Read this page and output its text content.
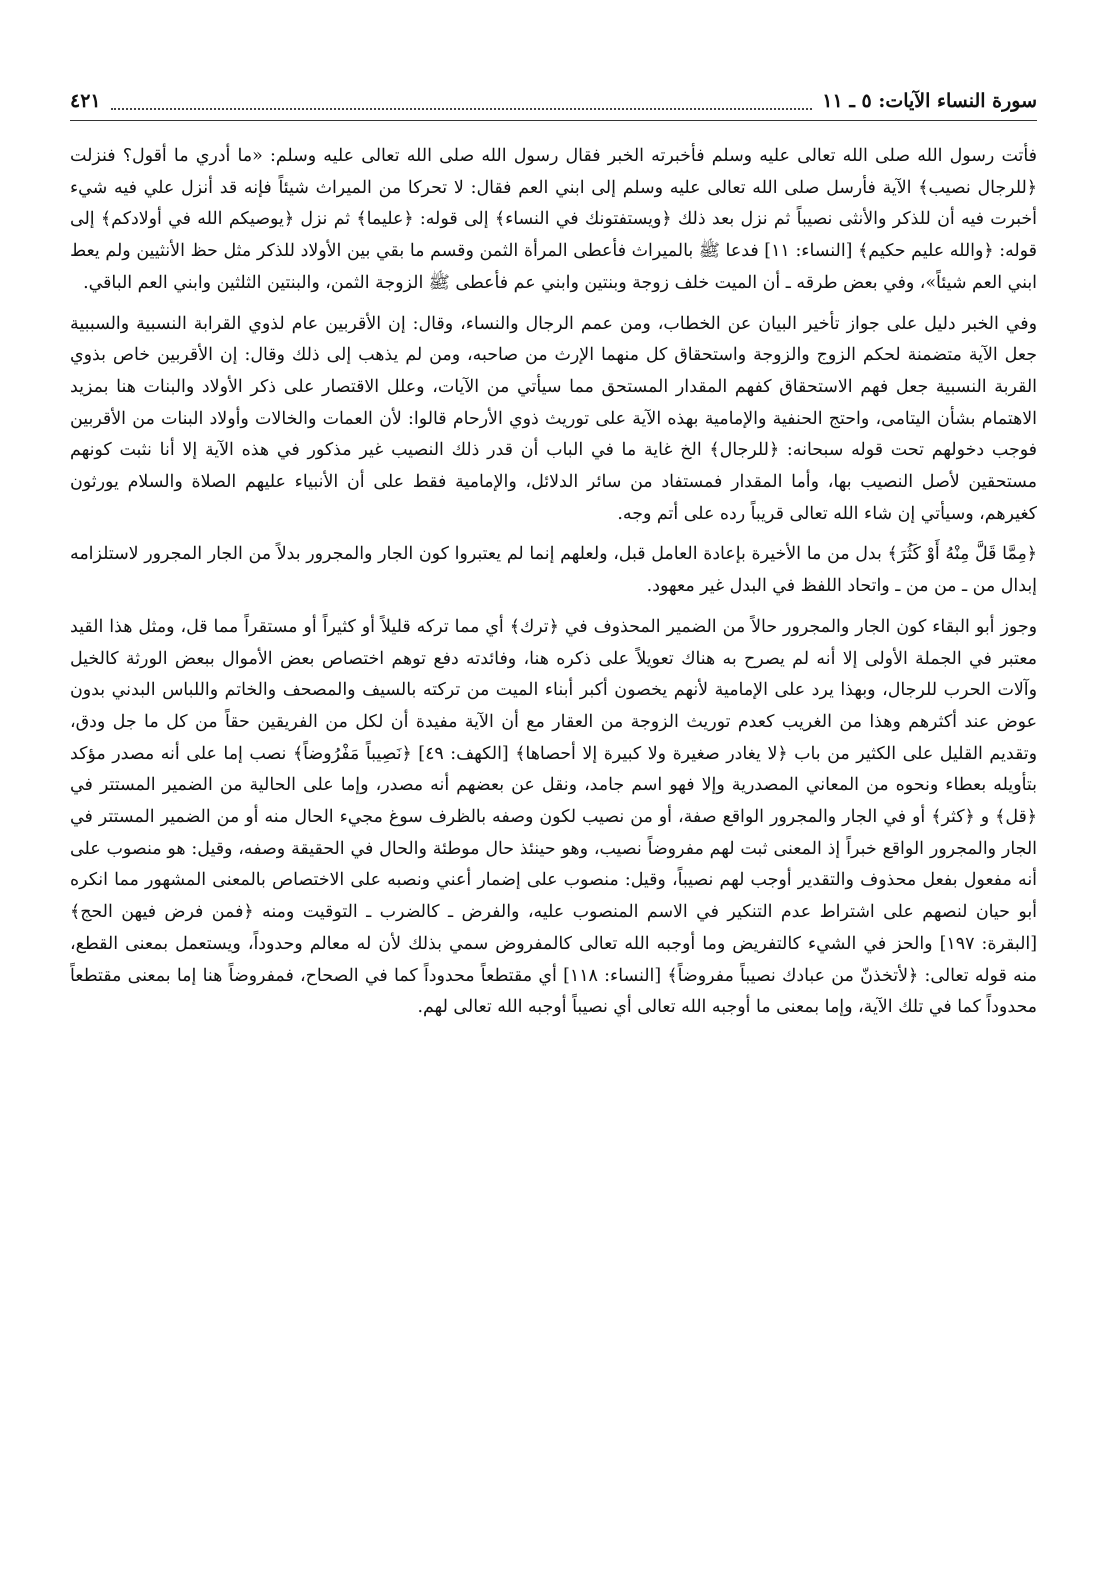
سورة النساء الآيات: ٥ ـ ١١
٤٢١

فأتت رسول الله صلى الله تعالى عليه وسلم فأخبرته الخبر فقال رسول الله صلى الله تعالى عليه وسلم: «ما أدري ما أقول؟ فنزلت ﴿للرجال نصيب﴾ الآية فأرسل صلى الله تعالى عليه وسلم إلى ابني العم فقال: لا تحركا من الميراث شيئاً فإنه قد أنزل علي فيه شيء أخبرت فيه أن للذكر والأنثى نصيباً ثم نزل بعد ذلك ﴿ويستفتونك في النساء﴾ إلى قوله: ﴿عليما﴾ ثم نزل ﴿يوصيكم الله في أولادكم﴾ إلى قوله: ﴿والله عليم حكيم﴾ [النساء: ١١] فدعا ﷺ بالميراث فأعطى المرأة الثمن وقسم ما بقي بين الأولاد للذكر مثل حظ الأنثيين ولم يعط ابني العم شيئاً»، وفي بعض طرقه ـ أن الميت خلف زوجة وبنتين وابني عم فأعطى ﷺ الزوجة الثمن، والبنتين الثلثين وابني العم الباقي.

وفي الخبر دليل على جواز تأخير البيان عن الخطاب، ومن عمم الرجال والنساء، وقال: إن الأقربين عام لذوي القرابة النسبية والسببية جعل الآية متضمنة لحكم الزوج والزوجة واستحقاق كل منهما الإرث من صاحبه، ومن لم يذهب إلى ذلك وقال: إن الأقربين خاص بذوي القربة النسبية جعل فهم الاستحقاق كفهم المقدار المستحق مما سيأتي من الآيات، وعلل الاقتصار على ذكر الأولاد والبنات هنا بمزيد الاهتمام بشأن اليتامى، واحتج الحنفية والإمامية بهذه الآية على توريث ذوي الأرحام قالوا: لأن العمات والخالات وأولاد البنات من الأقربين فوجب دخولهم تحت قوله سبحانه: ﴿للرجال﴾ الخ غاية ما في الباب أن قدر ذلك النصيب غير مذكور في هذه الآية إلا أنا نثبت كونهم مستحقين لأصل النصيب بها، وأما المقدار فمستفاد من سائر الدلائل، والإمامية فقط على أن الأنبياء عليهم الصلاة والسلام يورثون كغيرهم، وسيأتي إن شاء الله تعالى قريباً رده على أتم وجه.

﴿مِمَّا قَلَّ مِنْهُ أَوْ كَثُرَ﴾ بدل من ما الأخيرة بإعادة العامل قبل، ولعلهم إنما لم يعتبروا كون الجار والمجرور بدلاً من الجار المجرور لاستلزامه إبدال من ـ من من ـ واتحاد اللفظ في البدل غير معهود.

وجوز أبو البقاء كون الجار والمجرور حالاً من الضمير المحذوف في ﴿ترك﴾ أي مما تركه قليلاً أو كثيراً أو مستقراً مما قل، ومثل هذا القيد معتبر في الجملة الأولى إلا أنه لم يصرح به هناك تعويلاً على ذكره هنا، وفائدته دفع توهم اختصاص بعض الأموال ببعض الورثة كالخيل وآلات الحرب للرجال، وبهذا يرد على الإمامية لأنهم يخصون أكبر أبناء الميت من تركته بالسيف والمصحف والخاتم واللباس البدني بدون عوض عند أكثرهم وهذا من الغريب كعدم توريث الزوجة من العقار مع أن الآية مفيدة أن لكل من الفريقين حقاً من كل ما جل ودق، وتقديم القليل على الكثير من باب ﴿لا يغادر صغيرة ولا كبيرة إلا أحصاها﴾ [الكهف: ٤٩] ﴿نَصِيباً مَفْرُوضاً﴾ نصب إما على أنه مصدر مؤكد بتأويله بعطاء ونحوه من المعاني المصدرية وإلا فهو اسم جامد، ونقل عن بعضهم أنه مصدر، وإما على الحالية من الضمير المستتر في ﴿قل﴾ و ﴿كثر﴾ أو في الجار والمجرور الواقع صفة، أو من نصيب لكون وصفه بالظرف سوغ مجيء الحال منه أو من الضمير المستتر في الجار والمجرور الواقع خبراً إذ المعنى ثبت لهم مفروضاً نصيب، وهو حينئذ حال موطئة والحال في الحقيقة وصفه، وقيل: هو منصوب على أنه مفعول بفعل محذوف والتقدير أوجب لهم نصيباً، وقيل: منصوب على إضمار أعني ونصبه على الاختصاص بالمعنى المشهور مما انكره أبو حيان لنصهم على اشتراط عدم التنكير في الاسم المنصوب عليه، والفرض ـ كالضرب ـ التوقيت ومنه ﴿فمن فرض فيهن الحج﴾ [البقرة: ١٩٧] والحز في الشيء كالتفريض وما أوجبه الله تعالى كالمفروض سمي بذلك لأن له معالم وحدوداً، ويستعمل بمعنى القطع، منه قوله تعالى: ﴿لأتخذنّ من عبادك نصيباً مفروضاً﴾ [النساء: ١١٨] أي مقتطعاً محدوداً كما في الصحاح، فمفروضاً هنا إما بمعنى مقتطعاً محدوداً كما في تلك الآية، وإما بمعنى ما أوجبه الله تعالى أي نصيباً أوجبه الله تعالى لهم.
